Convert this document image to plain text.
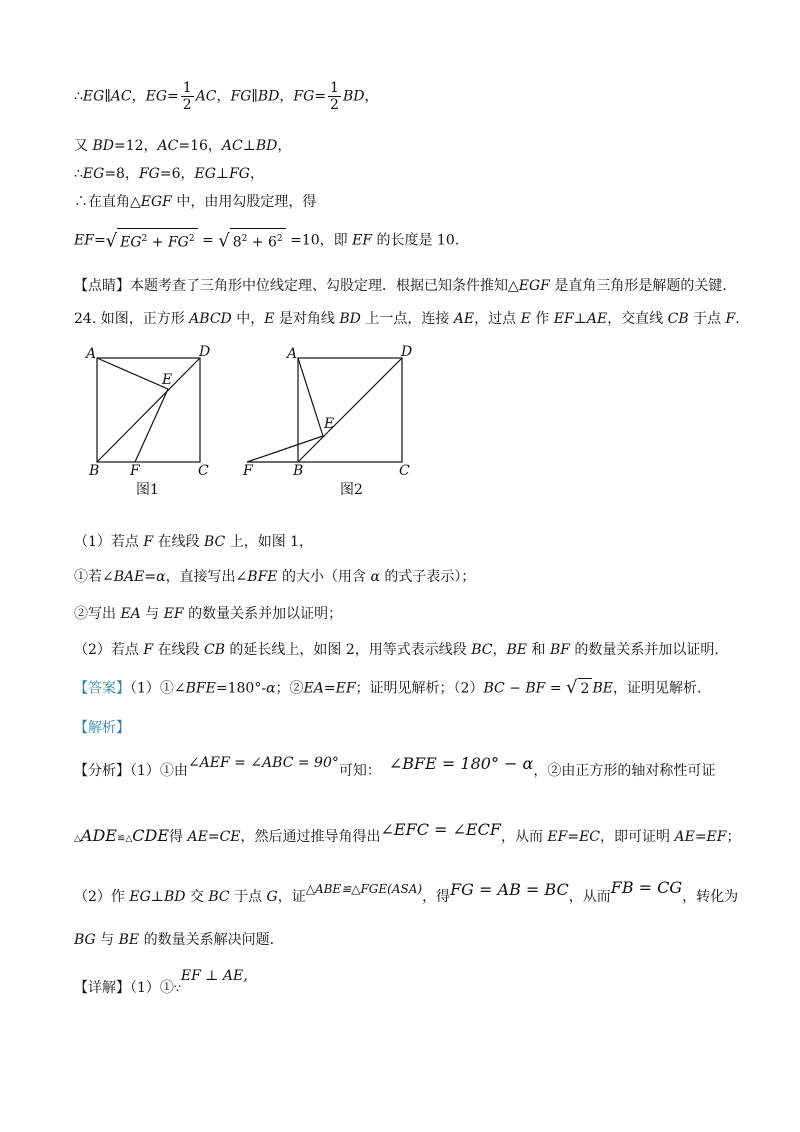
∴EG∥AC，$EG= \frac{1}{2}$ AC，FG∥BD，$FG= \frac{1}{2}$ BD，
又 BD=12，AC=16，AC⊥BD，
∴EG=8，FG=6，EG⊥FG，
∴在直角△EGF 中，由用勾股定理，得
EF=√ $EG^2 + FG^2$ = √ $8^2 + 6^2 =10$，即 EF 的长度是 10.
【点睛】本题考查了三角形中位线定理、勾股定理．根据已知条件推知△EGF 是直角三角形是解题的关键．
24. 如图，正方形 ABCD 中，E 是对角线 BD 上一点，连接 AE，过点 E 作 EF⊥AE，交直线 CB 于点 F.
A	D
E
B F	C
图1
A	D
E
F	B	C
图2
（1）若点 F 在线段 BC 上，如图 1，
①若∠BAE=α，直接写出∠BFE 的大小（用含 α 的式子表示）；
②写出 EA 与 EF 的数量关系并加以证明；
（2）若点 F 在线段 CB 的延长线上，如图 2，用等式表示线段 BC，BE 和 BF 的数量关系并加以证明.
【答案】（1）①∠BFE=180°-α；②EA=EF；证明见解析；（2）BC − BF = √ 2 BE，证明见解析.
【解析】
【分析】（1）①由∠AEF = ∠ABC = 90°可知： ∠BFE = 180° − α，②由正方形的轴对称性可证
△ADE≌△CDE得 AE=CE，然后通过推导角得出∠EFC = ∠ECF，从而 EF=EC，即可证明 AE=EF；
（2）作 EG⊥BD 交 BC 于点 G，证△ABE≌△FGE(ASA)，得FG = AB = BC，从而FB = CG，转化为
BG 与 BE 的数量关系解决问题.
【详解】（1）①∵EF ⊥ AE,
